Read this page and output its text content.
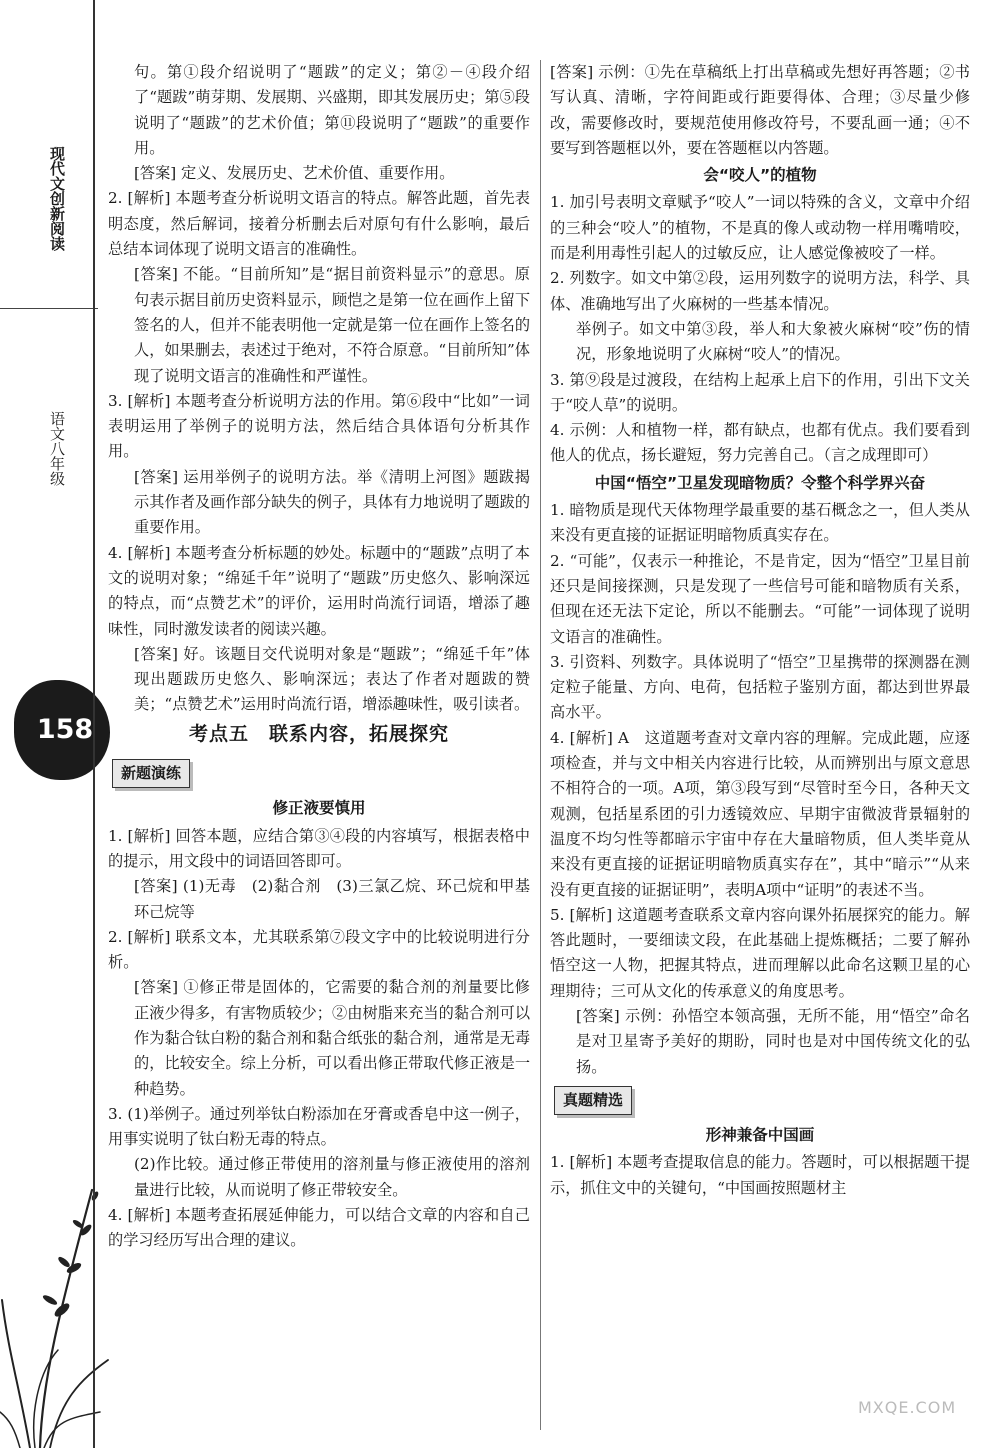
现代文创新阅读
语文八年级
158

句。第①段介绍说明了“题跋”的定义；第②－④段介绍了“题跋”萌芽期、发展期、兴盛期，即其发展历史；第⑤段说明了“题跋”的艺术价值；第⑪段说明了“题跋”的重要作用。

[答案] 定义、发展历史、艺术价值、重要作用。

2. [解析] 本题考查分析说明文语言的特点。解答此题，首先表明态度，然后解词，接着分析删去后对原句有什么影响，最后总结本词体现了说明文语言的准确性。

[答案] 不能。“目前所知”是“据目前资料显示”的意思。原句表示据目前历史资料显示，顾恺之是第一位在画作上留下签名的人，但并不能表明他一定就是第一位在画作上签名的人，如果删去，表述过于绝对，不符合原意。“目前所知”体现了说明文语言的准确性和严谨性。

3. [解析] 本题考查分析说明方法的作用。第⑥段中“比如”一词表明运用了举例子的说明方法，然后结合具体语句分析其作用。

[答案] 运用举例子的说明方法。举《清明上河图》题跋揭示其作者及画作部分缺失的例子，具体有力地说明了题跋的重要作用。

4. [解析] 本题考查分析标题的妙处。标题中的“题跋”点明了本文的说明对象；“绵延千年”说明了“题跋”历史悠久、影响深远的特点，而“点赞艺术”的评价，运用时尚流行词语，增添了趣味性，同时激发读者的阅读兴趣。

[答案] 好。该题目交代说明对象是“题跋”；“绵延千年”体现出题跋历史悠久、影响深远；表达了作者对题跋的赞美；“点赞艺术”运用时尚流行语，增添趣味性，吸引读者。

考点五　联系内容，拓展探究
新题演练
修正液要慎用

1. [解析] 回答本题，应结合第③④段的内容填写，根据表格中的提示，用文段中的词语回答即可。

[答案] (1)无毒　(2)黏合剂　(3)三氯乙烷、环己烷和甲基环己烷等

2. [解析] 联系文本，尤其联系第⑦段文字中的比较说明进行分析。

[答案] ①修正带是固体的，它需要的黏合剂的剂量要比修正液少得多，有害物质较少；②由树脂来充当的黏合剂可以作为黏合钛白粉的黏合剂和黏合纸张的黏合剂，通常是无毒的，比较安全。综上分析，可以看出修正带取代修正液是一种趋势。

3. (1)举例子。通过列举钛白粉添加在牙膏或香皂中这一例子，用事实说明了钛白粉无毒的特点。

(2)作比较。通过修正带使用的溶剂量与修正液使用的溶剂量进行比较，从而说明了修正带较安全。

4. [解析] 本题考查拓展延伸能力，可以结合文章的内容和自己的学习经历写出合理的建议。

[答案] 示例：①先在草稿纸上打出草稿或先想好再答题；②书写认真、清晰，字符间距或行距要得体、合理；③尽量少修改，需要修改时，要规范使用修改符号，不要乱画一通；④不要写到答题框以外，要在答题框以内答题。

会“咬人”的植物

1. 加引号表明文章赋予“咬人”一词以特殊的含义，文章中介绍的三种会“咬人”的植物，不是真的像人或动物一样用嘴啃咬，而是利用毒性引起人的过敏反应，让人感觉像被咬了一样。

2. 列数字。如文中第②段，运用列数字的说明方法，科学、具体、准确地写出了火麻树的一些基本情况。

举例子。如文中第③段，举人和大象被火麻树“咬”伤的情况，形象地说明了火麻树“咬人”的情况。

3. 第⑨段是过渡段，在结构上起承上启下的作用，引出下文关于“咬人草”的说明。

4. 示例：人和植物一样，都有缺点，也都有优点。我们要看到他人的优点，扬长避短，努力完善自己。（言之成理即可）

中国“悟空”卫星发现暗物质？令整个科学界兴奋

1. 暗物质是现代天体物理学最重要的基石概念之一，但人类从来没有更直接的证据证明暗物质真实存在。

2. “可能”，仅表示一种推论，不是肯定，因为“悟空”卫星目前还只是间接探测，只是发现了一些信号可能和暗物质有关系，但现在还无法下定论，所以不能删去。“可能”一词体现了说明文语言的准确性。

3. 引资料、列数字。具体说明了“悟空”卫星携带的探测器在测定粒子能量、方向、电荷，包括粒子鉴别方面，都达到世界最高水平。

4. [解析] A　这道题考查对文章内容的理解。完成此题，应逐项检查，并与文中相关内容进行比较，从而辨别出与原文意思不相符合的一项。A项，第③段写到“尽管时至今日，各种天文观测，包括星系团的引力透镜效应、早期宇宙微波背景辐射的温度不均匀性等都暗示宇宙中存在大量暗物质，但人类毕竟从来没有更直接的证据证明暗物质真实存在”，其中“暗示”“从来没有更直接的证据证明”，表明A项中“证明”的表述不当。

5. [解析] 这道题考查联系文章内容向课外拓展探究的能力。解答此题时，一要细读文段，在此基础上提炼概括；二要了解孙悟空这一人物，把握其特点，进而理解以此命名这颗卫星的心理期待；三可从文化的传承意义的角度思考。

[答案] 示例：孙悟空本领高强，无所不能，用“悟空”命名是对卫星寄予美好的期盼，同时也是对中国传统文化的弘扬。

真题精选
形神兼备中国画

1. [解析] 本题考查提取信息的能力。答题时，可以根据题干提示，抓住文中的关键句，“中国画按照题材主

MXQE.COM
